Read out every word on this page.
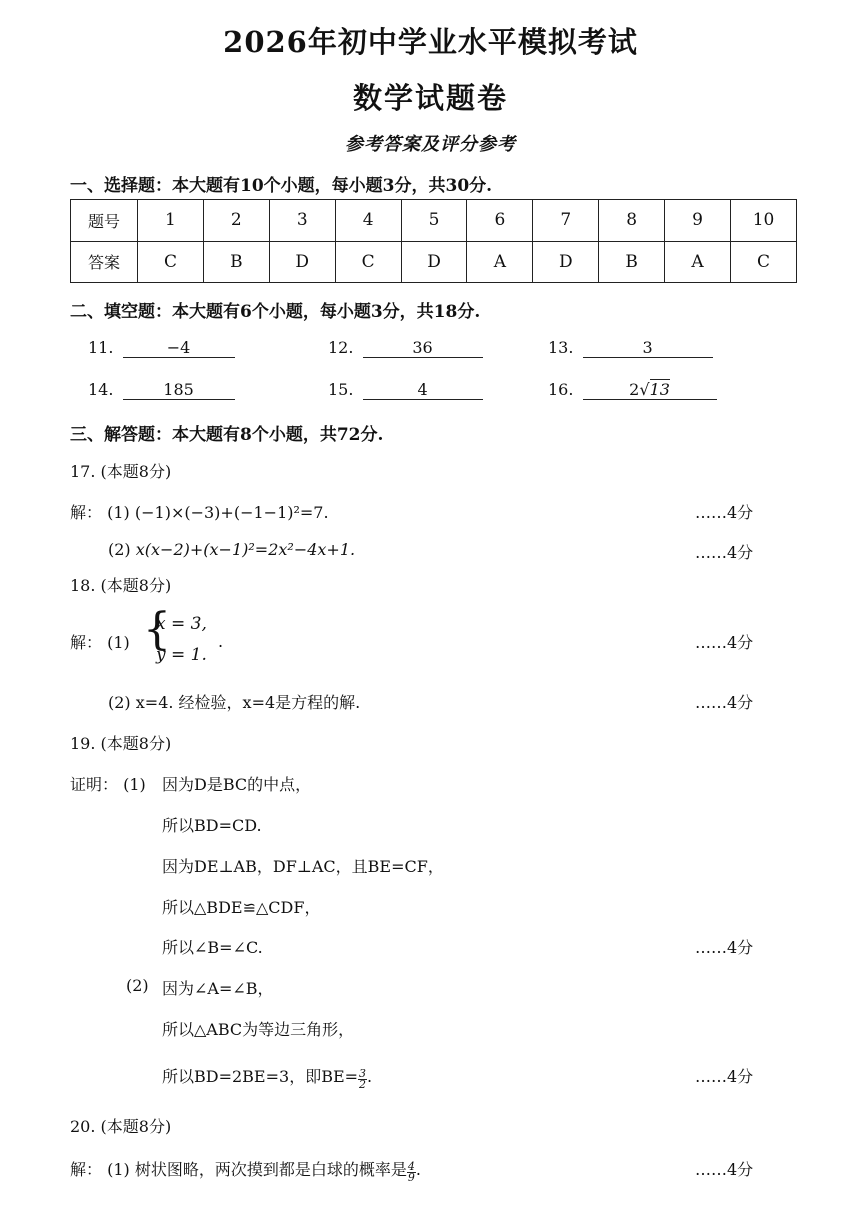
2026年初中学业水平模拟考试
数学试题卷
参考答案及评分参考
一、选择题：本大题有10个小题，每小题3分，共30分.
题号	1	2	3	4	5	6	7	8	9	10
答案	C	B	D	C	D	A	D	B	A	C
二、填空题：本大题有6个小题，每小题3分，共18分.
11.	−4	12.	36	13.	3
14.	185	15.	4	16.	2√13
三、解答题：本大题有8个小题，共72分.
17. (本题8分)
解： (1) (−1)×(−3)+(−1−1)²=7.	……4分
(2) x(x−2)+(x−1)²=2x²−4x+1.	……4分
18. (本题8分)
解： (1) {
x = 3,
y = 1.
.	……4分
(2) x=4. 经检验，x=4是方程的解.	……4分
19. (本题8分)
证明： (1) 因为D是BC的中点，
所以BD=CD.
因为DE⊥AB，DF⊥AC，且BE=CF，
所以△BDE≌△CDF，
所以∠B=∠C.	……4分
(2) 因为∠A=∠B，
所以△ABC为等边三角形，
所以BD=2BE=3，即$BE= \frac{3}{2}$ .	……4分
20. (本题8分)
解： (1) 树状图略，两次摸到都是白球的概率是 $\frac{4}{9}$ .	……4分
